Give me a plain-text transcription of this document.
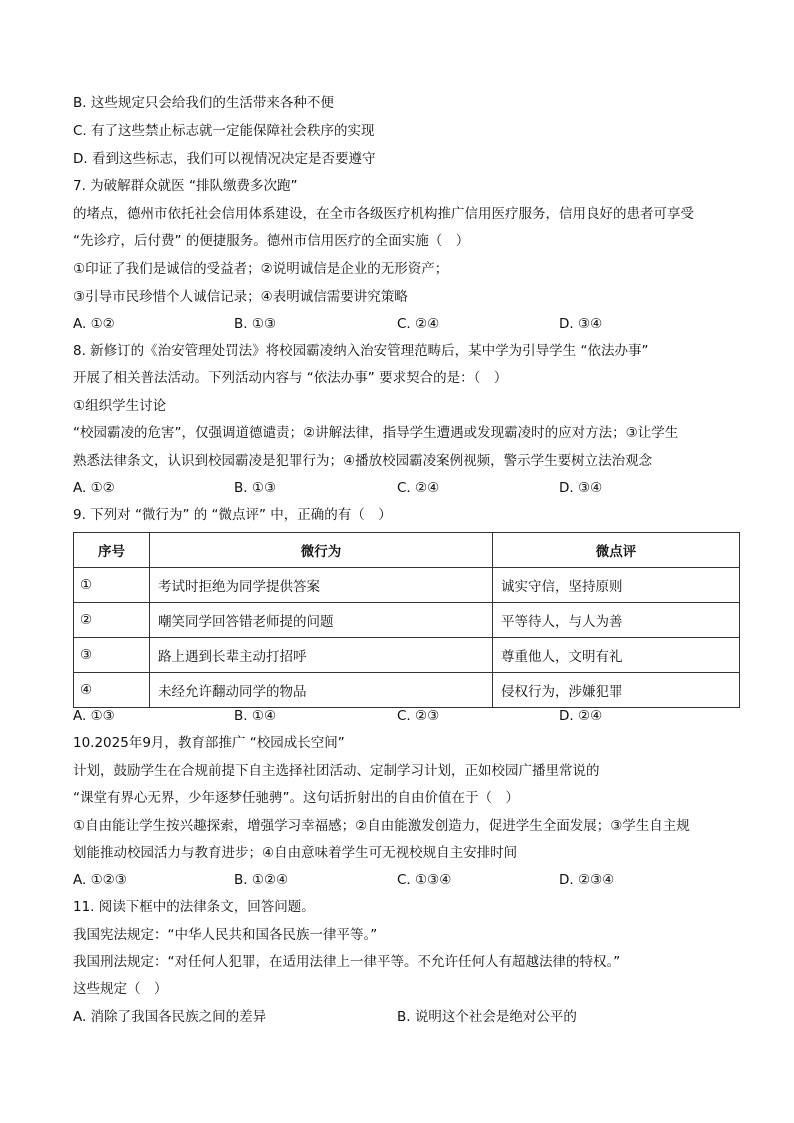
B. 这些规定只会给我们的生活带来各种不便
C. 有了这些禁止标志就一定能保障社会秩序的实现
D. 看到这些标志，我们可以视情况决定是否要遵守
7. 为破解群众就医 “排队缴费多次跑”
的堵点，德州市依托社会信用体系建设，在全市各级医疗机构推广信用医疗服务，信用良好的患者可享受
“先诊疗，后付费” 的便捷服务。德州市信用医疗的全面实施（　）
①印证了我们是诚信的受益者；②说明诚信是企业的无形资产；
③引导市民珍惜个人诚信记录；④表明诚信需要讲究策略
A. ①②	B. ①③	C. ②④	D. ③④
8. 新修订的《治安管理处罚法》将校园霸凌纳入治安管理范畴后，某中学为引导学生 “依法办事”
开展了相关普法活动。下列活动内容与 “依法办事” 要求契合的是：（　）
①组织学生讨论
“校园霸凌的危害”，仅强调道德谴责；②讲解法律，指导学生遭遇或发现霸凌时的应对方法；③让学生
熟悉法律条文，认识到校园霸凌是犯罪行为；④播放校园霸凌案例视频，警示学生要树立法治观念
A. ①②	B. ①③	C. ②④	D. ③④
9. 下列对 “微行为” 的 “微点评” 中，正确的有（　）
序号	微行为	微点评
①	考试时拒绝为同学提供答案	诚实守信，坚持原则
②	嘲笑同学回答错老师提的问题	平等待人，与人为善
③	路上遇到长辈主动打招呼	尊重他人，文明有礼
④	未经允许翻动同学的物品	侵权行为，涉嫌犯罪
A. ①③	B. ①④	C. ②③	D. ②④
10.2025年9月，教育部推广 “校园成长空间”
计划，鼓励学生在合规前提下自主选择社团活动、定制学习计划，正如校园广播里常说的
“课堂有界心无界，少年逐梦任驰骋”。这句话折射出的自由价值在于（　）
①自由能让学生按兴趣探索，增强学习幸福感；②自由能激发创造力，促进学生全面发展；③学生自主规
划能推动校园活力与教育进步；④自由意味着学生可无视校规自主安排时间
A. ①②③	B. ①②④	C. ①③④	D. ②③④
11. 阅读下框中的法律条文，回答问题。
我国宪法规定：“中华人民共和国各民族一律平等。”
我国刑法规定：“对任何人犯罪，在适用法律上一律平等。不允许任何人有超越法律的特权。”
这些规定（　）
A. 消除了我国各民族之间的差异	B. 说明这个社会是绝对公平的
